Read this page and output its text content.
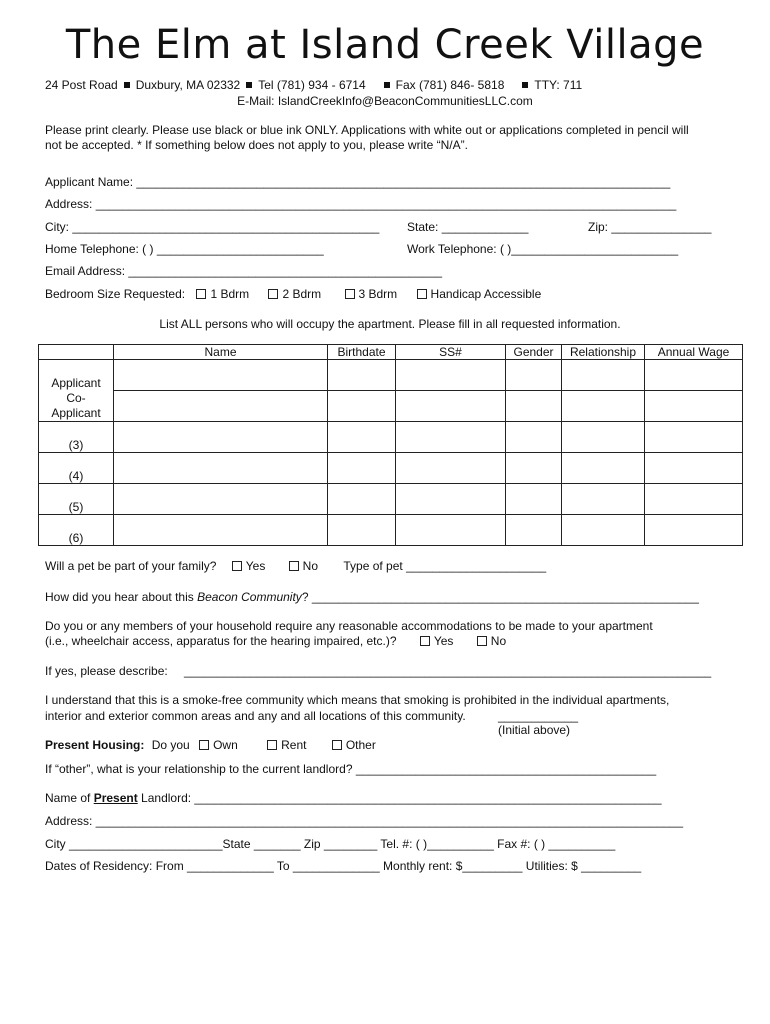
The Elm at Island Creek Village
24 Post Road Duxbury, MA 02332 Tel (781) 934 - 6714	Fax (781) 846- 5818	TTY: 711
E-Mail: IslandCreekInfo@BeaconCommunitiesLLC.com
Please print clearly. Please use black or blue ink ONLY. Applications with white out or applications completed in pencil will
not be accepted. * If something below does not apply to you, please write “N/A”.
Applicant Name: ________________________________________________________________________________
Address: _______________________________________________________________________________________
City: ______________________________________________ State: _____________	Zip: _______________
Home Telephone: ( ) _________________________	Work Telephone: ( )_________________________
Email Address: _______________________________________________
Bedroom Size Requested: 1 Bdrm	2 Bdrm	3 Bdrm	Handicap Accessible
List ALL persons who will occupy the apartment. Please fill in all requested information.
	Name	Birthdate	SS#	Gender	Relationship	Annual Wage
Applicant						
Co-Applicant						
(3)						
(4)						
(5)						
(6)						
Will a pet be part of your family? Yes	No Type of pet _____________________
How did you hear about this Beacon Community? __________________________________________________________
Do you or any members of your household require any reasonable accommodations to be made to your apartment
(i.e., wheelchair access, apparatus for the hearing impaired, etc.)?	Yes	No
If yes, please describe: _______________________________________________________________________________
I understand that this is a smoke-free community which means that smoking is prohibited in the individual apartments,
interior and exterior common areas and any and all locations of this community.	____________
(Initial above)
Present Housing: Do you Own	Rent	Other
If “other”, what is your relationship to the current landlord? _____________________________________________
Name of Present Landlord: ______________________________________________________________________
Address: ________________________________________________________________________________________
City _______________________State _______ Zip ________ Tel. #: ( )__________ Fax #: ( ) __________
Dates of Residency: From _____________ To _____________ Monthly rent: $_________ Utilities: $ _________
